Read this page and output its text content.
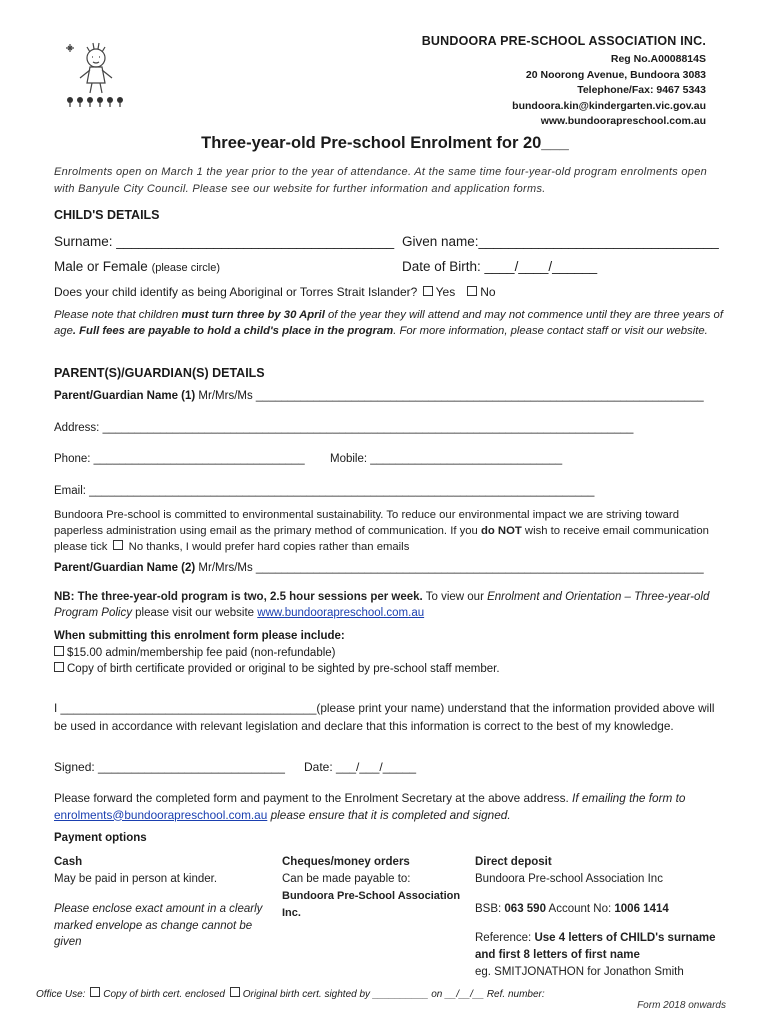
BUNDOORA PRE-SCHOOL ASSOCIATION INC.
Reg No.A0008814S
20 Noorong Avenue, Bundoora 3083
Telephone/Fax: 9467 5343
bundoora.kin@kindergarten.vic.gov.au
www.bundoorapreschool.com.au
Three-year-old Pre-school Enrolment for 20___
Enrolments open on March 1 the year prior to the year of attendance. At the same time four-year-old program enrolments open with Banyule City Council. Please see our website for further information and application forms.
CHILD'S DETAILS
Surname: _____________________________________ Given name:________________________________
Male or Female (please circle)	Date of Birth: ____/____/______
Does your child identify as being Aboriginal or Torres Strait Islander? Yes No
Please note that children must turn three by 30 April of the year they will attend and may not commence until they are three years of age. Full fees are payable to hold a child's place in the program. For more information, please contact staff or visit our website.
PARENT(S)/GUARDIAN(S) DETAILS
Parent/Guardian Name (1) Mr/Mrs/Ms ______________________________________________________________________
Address: ___________________________________________________________________________________
Phone: _________________________________ Mobile: ______________________________
Email: _______________________________________________________________________________
Bundoora Pre-school is committed to environmental sustainability. To reduce our environmental impact we are striving toward paperless administration using email as the primary method of communication. If you do NOT wish to receive email communication please tick  No thanks, I would prefer hard copies rather than emails
Parent/Guardian Name (2) Mr/Mrs/Ms ______________________________________________________________________
NB: The three-year-old program is two, 2.5 hour sessions per week. To view our Enrolment and Orientation – Three-year-old Program Policy please visit our website www.bundoorapreschool.com.au
When submitting this enrolment form please include:
$15.00 admin/membership fee paid (non-refundable)
Copy of birth certificate provided or original to be sighted by pre-school staff member.
I _______________________________________(please print your name) understand that the information provided above will be used in accordance with relevant legislation and declare that this information is correct to the best of my knowledge.
Signed: ____________________________ Date: ___/___/_____
Please forward the completed form and payment to the Enrolment Secretary at the above address. If emailing the form to enrolments@bundoorapreschool.com.au please ensure that it is completed and signed.
Payment options
Cash
May be paid in person at kinder.
Please enclose exact amount in a clearly marked envelope as change cannot be given
Cheques/money orders
Can be made payable to:
Bundoora Pre-School Association Inc.
Direct deposit
Bundoora Pre-school Association Inc
BSB: 063 590 Account No: 1006 1414
Reference: Use 4 letters of CHILD's surname and first 8 letters of first name
eg. SMITJONATHON for Jonathon Smith
Office Use: Copy of birth cert. enclosed Original birth cert. sighted by __________ on __/__/__ Ref. number:
Form 2018 onwards
